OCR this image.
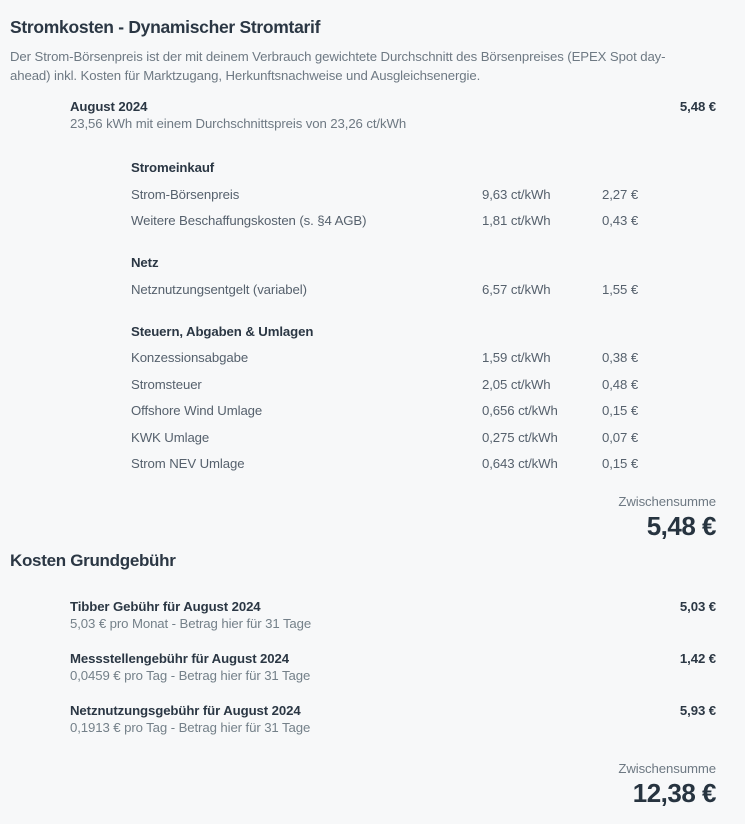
Stromkosten - Dynamischer Stromtarif
Der Strom-Börsenpreis ist der mit deinem Verbrauch gewichtete Durchschnitt des Börsenpreises (EPEX Spot day-ahead) inkl. Kosten für Marktzugang, Herkunftsnachweise und Ausgleichsenergie.
August 2024	5,48 €
23,56 kWh mit einem Durchschnittspreis von 23,26 ct/kWh
Stromeinkauf
Strom-Börsenpreis	9,63 ct/kWh	2,27 €
Weitere Beschaffungskosten (s. §4 AGB)	1,81 ct/kWh	0,43 €
Netz
Netznutzungsentgelt (variabel)	6,57 ct/kWh	1,55 €
Steuern, Abgaben & Umlagen
Konzessionsabgabe	1,59 ct/kWh	0,38 €
Stromsteuer	2,05 ct/kWh	0,48 €
Offshore Wind Umlage	0,656 ct/kWh	0,15 €
KWK Umlage	0,275 ct/kWh	0,07 €
Strom NEV Umlage	0,643 ct/kWh	0,15 €
Zwischensumme
5,48 €
Kosten Grundgebühr
Tibber Gebühr für August 2024	5,03 €
5,03 € pro Monat - Betrag hier für 31 Tage
Messstellengebühr für August 2024	1,42 €
0,0459 € pro Tag - Betrag hier für 31 Tage
Netznutzungsgebühr für August 2024	5,93 €
0,1913 € pro Tag - Betrag hier für 31 Tage
Zwischensumme
12,38 €
